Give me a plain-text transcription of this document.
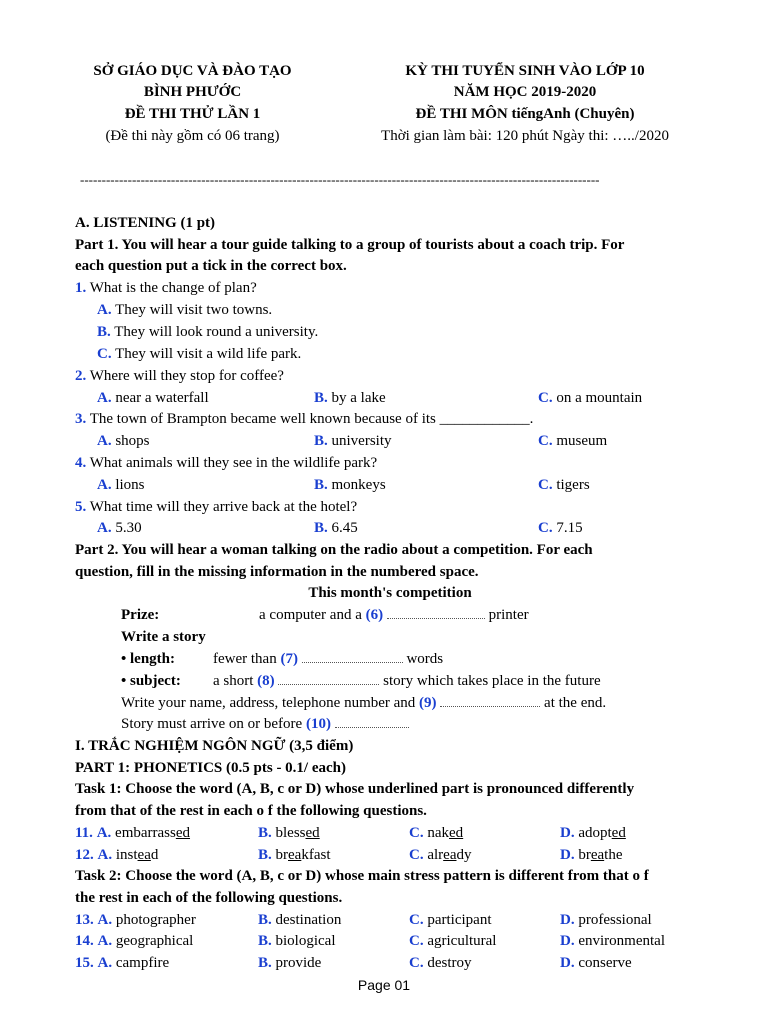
SỞ GIÁO DỤC VÀ ĐÀO TẠO
BÌNH PHƯỚC
ĐỀ THI THỬ LẦN 1
(Đề thi này gồm có 06 trang)
KỲ THI TUYỂN SINH VÀO LỚP 10
NĂM HỌC 2019-2020
ĐỀ THI MÔN tiếngAnh (Chuyên)
Thời gian làm bài: 120 phút Ngày thi: …../2020
------------------------------------------------------------------------------------------------------------------------
A. LISTENING (1 pt)
Part 1. You will hear a tour guide talking to a group of tourists about a coach trip. For
each question put a tick in the correct box.
1. What is the change of plan?
A. They will visit two towns.
B. They will look round a university.
C. They will visit a wild life park.
2. Where will they stop for coffee?
A. near a waterfall	B. by a lake	C. on a mountain
3. The town of Brampton became well known because of its ____________.
A. shops	B. university	C. museum
4. What animals will they see in the wildlife park?
A. lions	B. monkeys	C. tigers
5. What time will they arrive back at the hotel?
A. 5.30	B. 6.45	C. 7.15
Part 2. You will hear a woman talking on the radio about a competition. For each
question, fill in the missing information in the numbered space.
This month's competition
Prize:	a computer and a (6)	printer
Write a story
• length:	fewer than (7)	words
• subject: a short (8)	story which takes place in the future
Write your name, address, telephone number and (9)	at the end.
Story must arrive on or before (10)
I. TRẮC NGHIỆM NGÔN NGỮ (3,5 điểm)
PART 1: PHONETICS (0.5 pts - 0.1/ each)
Task 1: Choose the word (A, B, c or D) whose underlined part is pronounced differently
from that of the rest in each o f the following questions.
11. A. embarrassed	B. blessed	C. naked	D. adopted
12. A. instead	B. breakfast	C. already	D. breathe
Task 2: Choose the word (A, B, c or D) whose main stress pattern is different from that o f
the rest in each of the following questions.
13. A. photographer	B. destination	C. participant	D. professional
14. A. geographical	B. biological	C. agricultural	D. environmental
15. A. campfire	B. provide	C. destroy	D. conserve
Page 01
